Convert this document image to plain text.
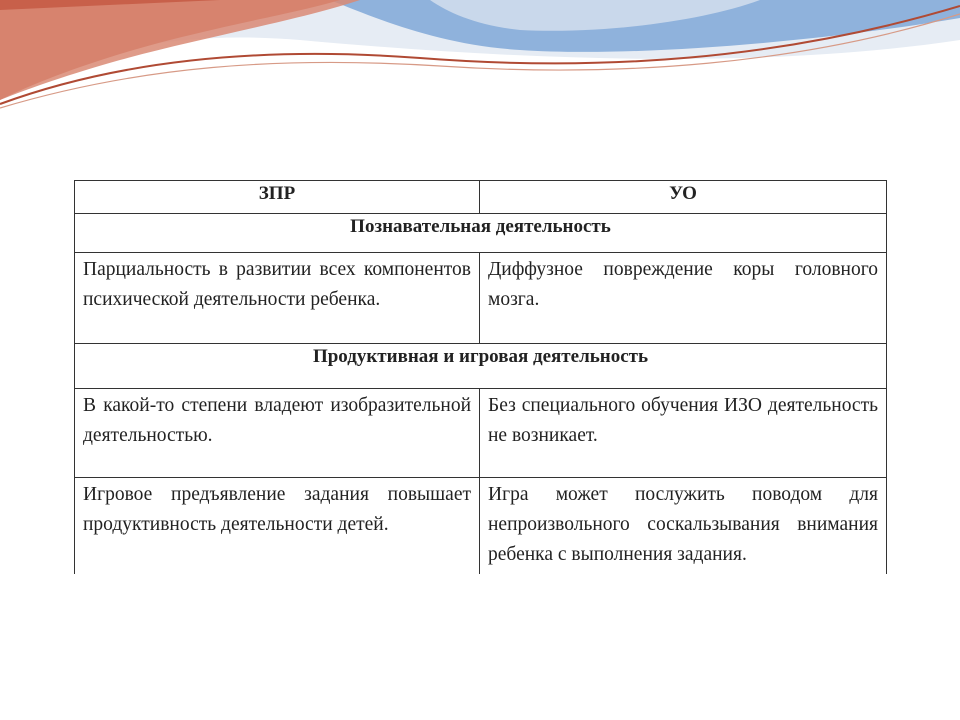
ЗПР	УО
Познавательная деятельность	
Парциальность в развитии всех компонентов психической деятельности ребенка.	Диффузное повреждение коры головного мозга.
Продуктивная и игровая деятельность	
В какой-то степени владеют изобразительной деятельностью.	Без специального обучения ИЗО деятельность не возникает.
Игровое предъявление задания повышает продуктивность деятельности детей.	Игра может послужить поводом для непроизвольного соскальзывания внимания ребенка с выполнения задания.
